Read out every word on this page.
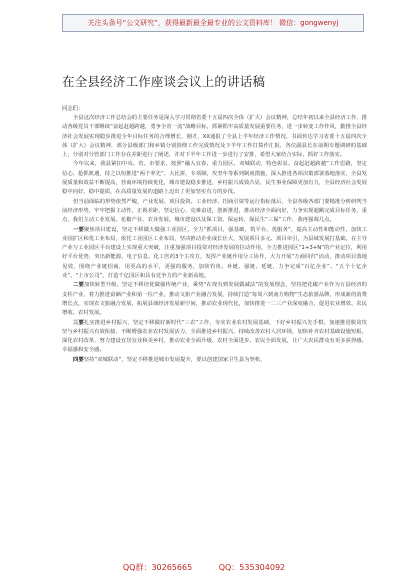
关注头条号“公文研究”，获得最新最全最专业的公文资料库！ 微信：gongwenyj
在全县经济工作座谈会议上的讲话稿
同志们：

全县这次经济工作总结会的主要任务是深入学习贯彻省委十五届四次全体（扩大）会议精神，总结年初以来全县经济工作，推动各级党员干部继续“奋起赶超跨越，勇争全省一流”战略目标，抓紧抓牢高质量发展重要任务，进一步转变工作作风，勤推全县经济社会发展实现稳步推进全年目标任务的合理增长，刚才，XX通报了全县上半年经济工作情况，书面传达学习省委十五届四次全体（扩大）会议精神，部分县级部门和乡镇分别围绕工作完成情况及下半年工作打算作汇报，各位副县长在前期专题调研的基础上，分别对分管部门工作存在差距进行了阐述，并对下半年工作进一步进行了安排，希望大家结合实际，抓好工作落实。

今年以来，我县紧扣中央、省、市要求，按照“融入宜春、重力园区、双城联动，特色彰显、奋起赶超跨越”工作思路，坚定信心、抢抓机遇，持之以恒推进“两个率先”、大比拼，专项制，攻坚年等系列制度措施，深入推进各项决策部署落地落实，全县发展质量和效益不断提高，营商环境持续优化，城市建设稳步推进，乡村振兴成效凸显，民生事业保障更加有力，全县经济社会发展稳中向好、稳中提质，在高质量发展的道路上迈出了更加坚实有力的步伐。

但当前面临的形势依然严峻，产业发展、项目投资、工业经济、招商引资等运行指标落后，全县各级各部门要精准分析研判当前经济形势，牢牢把握主动性，正视差距，坚定信心，克难奋进，创新推进，推动经济全面向好，力争实现超额完成目标任务，重点，我们主动工业发展、花椒产业、农业发展、城市建设以及保工资、保运转、保民生“三保”工作，我再强调几点。

一要聚焦项目建设，坚定不移做大做强工业园区，全力“抓项目，强基础，筑平台、优服务”，提高主动性和能动性，加快工业园扩区和优工业布局，依托工业园区工业布局，坚决推动企业成长壮大，发展项目多元、项目牵引，为县域发展打基础，在主导产业与工业园区平台建设上实现重大突破，注重加强项目投资对经济发展的拉动作用，全力推进园区“1+3+N”的产业定位，利用好平台优势，突出新能源、电子信息、化工医药3个主攻方，发挥产业链作用分工协作，大力开展“万商回归”活动，推动项目落地见效，围绕产业链招商，用更高的水平，更强的服务，加快钓鱼、补链、强链、延链，力争完成“百亿企业”、“五个十亿企业”、“上市公司”，打造千亿园区和具有竞争力的产业新高地。

二要加快转型升级，坚定不移培优做强传统产业，乘势“在现有到发展做减法”的发展理念，坚持把花椒产业作为万县经济的支柱产业，着力推进富硒产业和第一位产业，推动文旅产业融合发展，持续打造“每周六到南方购物”生态旅游品牌，形成新的消费增长点，实现农文旅融合发展，拓展县域经济发展新空间，推动农业现代化，加快推进一二三产业深度融合，促进农业增效、农民增收、农村发展。

三要扎实推进乡村振兴，坚定不移做好新时代“三农”工作，夯实农业农村发展基础，下好乡村振兴先手棋，加速推进脱贫攻坚与乡村振兴有效衔接，不断增强农业农村发展活力，全面推进乡村振兴，持续改善农村人居环境，加快补齐农村基础设施短板，深化农村改革，努力建设宜居宜业和美乡村，推动农业全面升级、农村全面进步、农民全面发展，让广大农民群众有更多获得感、幸福感和安全感。

四要坚持“双城联动”，坚定不移推进城市发展提升，要以创建国家卫生县为契机，

QQ群：30265665	QQ：535304092
